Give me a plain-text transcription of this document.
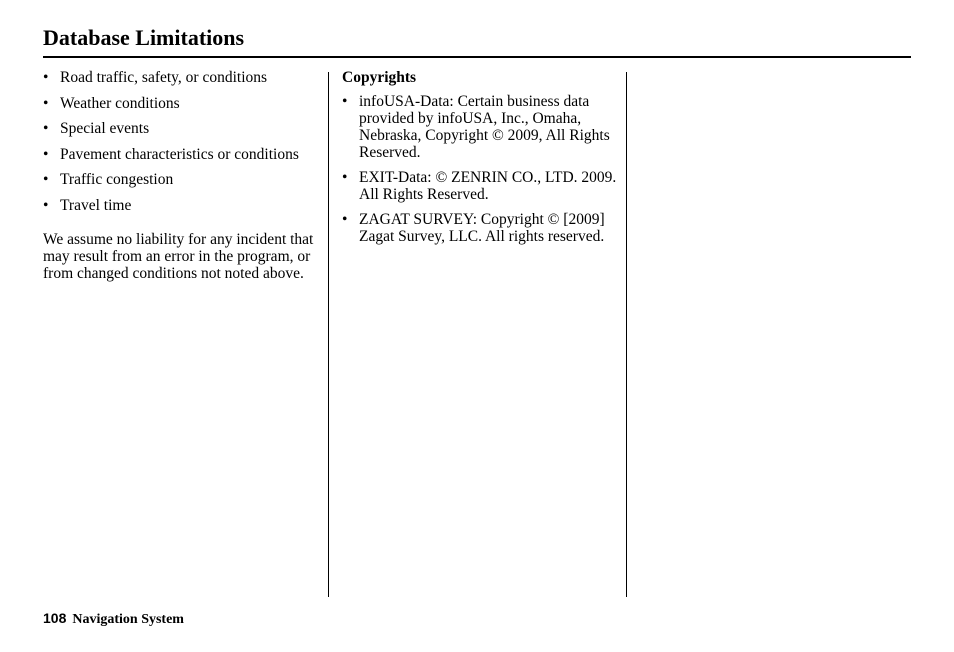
Database Limitations
• Road traffic, safety, or conditions
• Weather conditions
• Special events
• Pavement characteristics or conditions
• Traffic congestion
• Travel time

We assume no liability for any incident that may result from an error in the program, or from changed conditions not noted above.

Copyrights

• infoUSA-Data: Certain business data provided by infoUSA, Inc., Omaha, Nebraska, Copyright © 2009, All Rights Reserved.
• EXIT-Data: © ZENRIN CO., LTD. 2009. All Rights Reserved.
• ZAGAT SURVEY: Copyright © [2009] Zagat Survey, LLC. All rights reserved.
108 Navigation System
